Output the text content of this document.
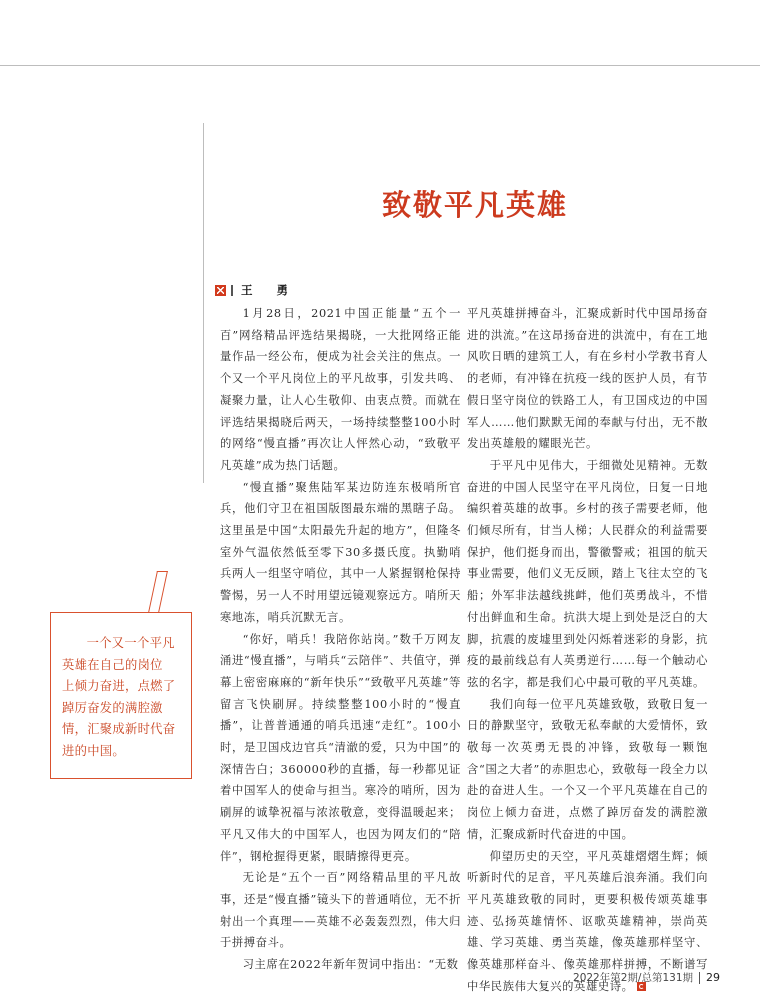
致敬平凡英雄
王 勇

1月28日，2021中国正能量“五个一百”网络精品评选结果揭晓，一大批网络正能量作品一经公布，便成为社会关注的焦点。一个又一个平凡岗位上的平凡故事，引发共鸣、凝聚力量，让人心生敬仰、由衷点赞。而就在评选结果揭晓后两天，一场持续整整100小时的网络“慢直播”再次让人怦然心动，“致敬平凡英雄”成为热门话题。

“慢直播”聚焦陆军某边防连东极哨所官兵，他们守卫在祖国版图最东端的黑瞎子岛。这里虽是中国“太阳最先升起的地方”，但隆冬室外气温依然低至零下30多摄氏度。执勤哨兵两人一组坚守哨位，其中一人紧握钢枪保持警惕，另一人不时用望远镜观察远方。哨所天寒地冻，哨兵沉默无言。

“你好，哨兵！我陪你站岗。”数千万网友涌进“慢直播”，与哨兵“云陪伴”、共值守，弹幕上密密麻麻的“新年快乐”“致敬平凡英雄”等留言飞快刷屏。持续整整100小时的“慢直播”，让普普通通的哨兵迅速“走红”。100小时，是卫国戍边官兵“清澈的爱，只为中国”的深情告白；360000秒的直播，每一秒都见证着中国军人的使命与担当。寒冷的哨所，因为刷屏的诚挚祝福与浓浓敬意，变得温暖起来；平凡又伟大的中国军人，也因为网友们的“陪伴”，钢枪握得更紧，眼睛擦得更亮。

无论是“五个一百”网络精品里的平凡故事，还是“慢直播”镜头下的普通哨位，无不折射出一个真理——英雄不必轰轰烈烈，伟大归于拼搏奋斗。

习主席在2022年新年贺词中指出：“无数

平凡英雄拼搏奋斗，汇聚成新时代中国昂扬奋进的洪流。”在这昂扬奋进的洪流中，有在工地风吹日晒的建筑工人，有在乡村小学教书育人的老师，有冲锋在抗疫一线的医护人员，有节假日坚守岗位的铁路工人，有卫国戍边的中国军人……他们默默无闻的奉献与付出，无不散发出英雄般的耀眼光芒。

于平凡中见伟大，于细微处见精神。无数奋进的中国人民坚守在平凡岗位，日复一日地编织着英雄的故事。乡村的孩子需要老师，他们倾尽所有，甘当人梯；人民群众的利益需要保护，他们挺身而出，警徽警戒；祖国的航天事业需要，他们义无反顾，踏上飞往太空的飞船；外军非法越线挑衅，他们英勇战斗，不惜付出鲜血和生命。抗洪大堤上到处是泛白的大脚，抗震的废墟里到处闪烁着迷彩的身影，抗疫的最前线总有人英勇逆行……每一个触动心弦的名字，都是我们心中最可敬的平凡英雄。

我们向每一位平凡英雄致敬，致敬日复一日的静默坚守，致敬无私奉献的大爱情怀，致敬每一次英勇无畏的冲锋，致敬每一颗饱含“国之大者”的赤胆忠心，致敬每一段全力以赴的奋进人生。一个又一个平凡英雄在自己的岗位上倾力奋进，点燃了踔厉奋发的满腔激情，汇聚成新时代奋进的中国。

仰望历史的天空，平凡英雄熠熠生辉；倾听新时代的足音，平凡英雄后浪奔涌。我们向平凡英雄致敬的同时，更要积极传颂英雄事迹、弘扬英雄情怀、讴歌英雄精神，崇尚英雄、学习英雄、勇当英雄，像英雄那样坚守、像英雄那样奋斗、像英雄那样拼搏，不断谱写中华民族伟大复兴的英雄史诗。

一个又一个平凡
英雄在自己的岗位
上倾力奋进，点燃了
踔厉奋发的满腔激
情，汇聚成新时代奋
进的中国。
2022年第2期/总第131期 29
